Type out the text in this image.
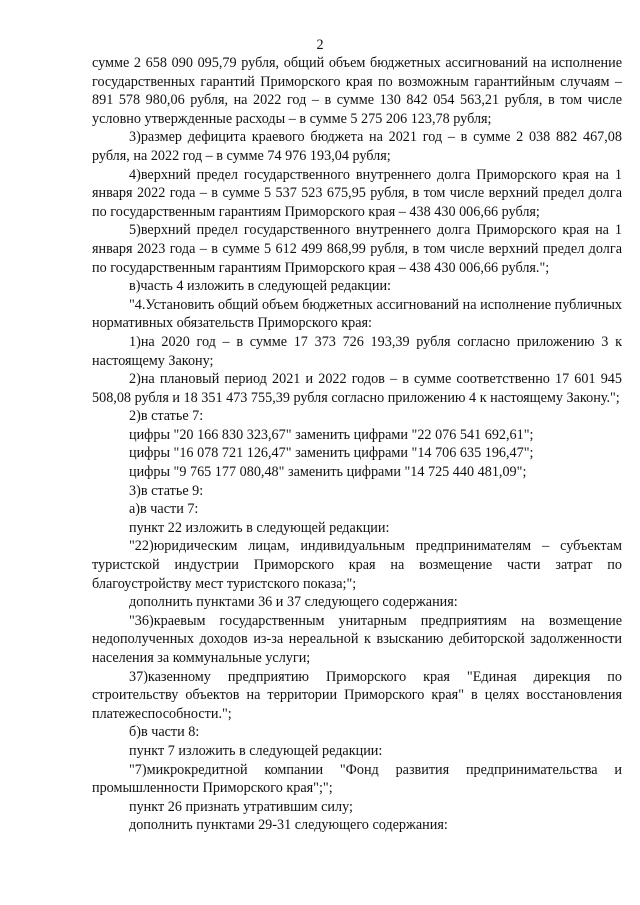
2

сумме 2 658 090 095,79 рубля, общий объем бюджетных ассигнований на исполнение государственных гарантий Приморского края по возможным гарантийным случаям – 891 578 980,06 рубля, на 2022 год – в сумме 130 842 054 563,21 рубля, в том числе условно утвержденные расходы – в сумме 5 275 206 123,78 рубля;

3)размер дефицита краевого бюджета на 2021 год – в сумме 2 038 882 467,08 рубля, на 2022 год – в сумме 74 976 193,04 рубля;

4)верхний предел государственного внутреннего долга Приморского края на 1 января 2022 года – в сумме 5 537 523 675,95 рубля, в том числе верхний предел долга по государственным гарантиям Приморского края – 438 430 006,66 рубля;

5)верхний предел государственного внутреннего долга Приморского края на 1 января 2023 года – в сумме 5 612 499 868,99 рубля, в том числе верхний предел долга по государственным гарантиям Приморского края – 438 430 006,66 рубля.";

в)часть 4 изложить в следующей редакции:

"4.Установить общий объем бюджетных ассигнований на исполнение публичных нормативных обязательств Приморского края:

1)на 2020 год – в сумме 17 373 726 193,39 рубля согласно приложению 3 к настоящему Закону;

2)на плановый период 2021 и 2022 годов – в сумме соответственно 17 601 945 508,08 рубля и 18 351 473 755,39 рубля согласно приложению 4 к настоящему Закону.";

2)в статье 7:

цифры "20 166 830 323,67" заменить цифрами "22 076 541 692,61";

цифры "16 078 721 126,47" заменить цифрами "14 706 635 196,47";

цифры "9 765 177 080,48" заменить цифрами "14 725 440 481,09";

3)в статье 9:

а)в части 7:

пункт 22 изложить в следующей редакции:

"22)юридическим лицам, индивидуальным предпринимателям – субъектам туристской индустрии Приморского края на возмещение части затрат по благоустройству мест туристского показа;";

дополнить пунктами 36 и 37 следующего содержания:

"36)краевым государственным унитарным предприятиям на возмещение недополученных доходов из-за нереальной к взысканию дебиторской задолженности населения за коммунальные услуги;

37)казенному предприятию Приморского края "Единая дирекция по строительству объектов на территории Приморского края" в целях восстановления платежеспособности.";

б)в части 8:

пункт 7 изложить в следующей редакции:

"7)микрокредитной компании "Фонд развития предпринимательства и промышленности Приморского края";";

пункт 26 признать утратившим силу;

дополнить пунктами 29-31 следующего содержания:
